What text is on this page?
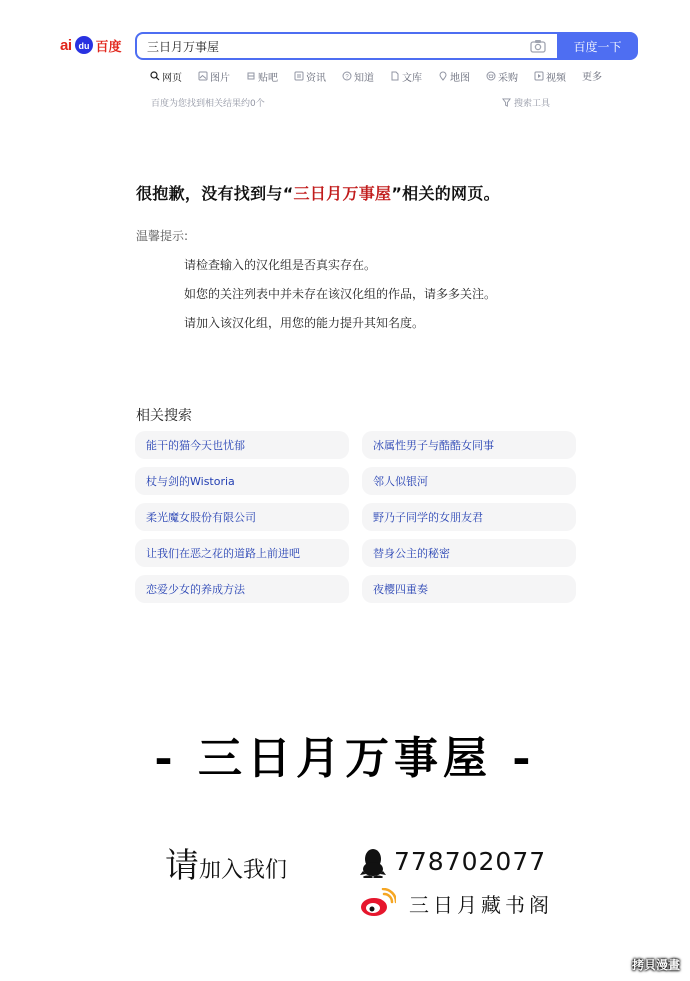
ai du 百度
三日月万事屋	百度一下
网页	图片	贴吧	资讯	? 知道	文库	地图	采购	视频 更多
百度为您找到相关结果约0个	搜索工具
很抱歉，没有找到与“三日月万事屋”相关的网页。
温馨提示:
请检查输入的汉化组是否真实存在。
如您的关注列表中并未存在该汉化组的作品，请多多关注。
请加入该汉化组，用您的能力提升其知名度。
相关搜索
能干的猫今天也忧郁	冰属性男子与酷酷女同事
杖与剑的Wistoria	邻人似银河
柔光魔女股份有限公司	野乃子同学的女朋友君
让我们在恶之花的道路上前进吧	替身公主的秘密
恋爱少女的养成方法	夜樱四重奏
- 三日月万事屋 -
请加入我们	778702077
三日月藏书阁
拷貝漫畫
